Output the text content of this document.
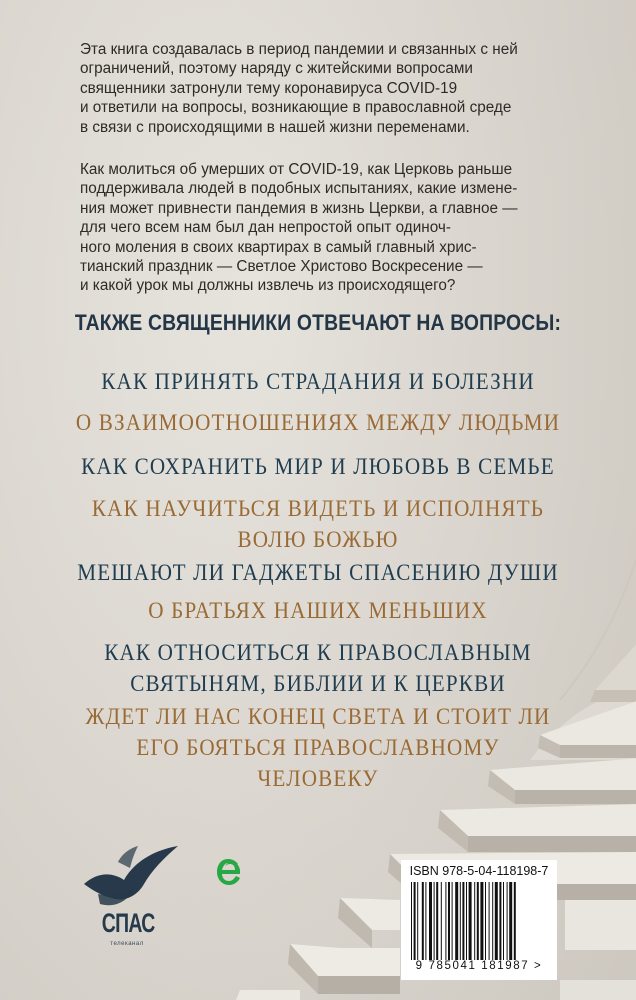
Эта книга создавалась в период пандемии и связанных с ней
ограничений, поэтому наряду с житейскими вопросами
священники затронули тему коронавируса COVID-19
и ответили на вопросы, возникающие в православной среде
в связи с происходящими в нашей жизни переменами.

Как молиться об умерших от COVID-19, как Церковь раньше
поддерживала людей в подобных испытаниях, какие измене-
ния может привнести пандемия в жизнь Церкви, а главное —
для чего всем нам был дан непростой опыт одиноч-
ного моления в своих квартирах в самый главный хрис-
тианский праздник — Светлое Христово Воскресение —
и какой урок мы должны извлечь из происходящего?

ТАКЖЕ СВЯЩЕННИКИ ОТВЕЧАЮТ НА ВОПРОСЫ:
КАК ПРИНЯТЬ СТРАДАНИЯ И БОЛЕЗНИ
О ВЗАИМООТНОШЕНИЯХ МЕЖДУ ЛЮДЬМИ
КАК СОХРАНИТЬ МИР И ЛЮБОВЬ В СЕМЬЕ
КАК НАУЧИТЬСЯ ВИДЕТЬ И ИСПОЛНЯТЬ
ВОЛЮ БОЖЬЮ
МЕШАЮТ ЛИ ГАДЖЕТЫ СПАСЕНИЮ ДУШИ
О БРАТЬЯХ НАШИХ МЕНЬШИХ
КАК ОТНОСИТЬСЯ К ПРАВОСЛАВНЫМ
СВЯТЫНЯМ, БИБЛИИ И К ЦЕРКВИ
ЖДЕТ ЛИ НАС КОНЕЦ СВЕТА И СТОИТ ЛИ
ЕГО БОЯТЬСЯ ПРАВОСЛАВНОМУ
ЧЕЛОВЕКУ
СПАС
телеканал
ISBN 978-5-04-118198-7
9 785041 181987 >
